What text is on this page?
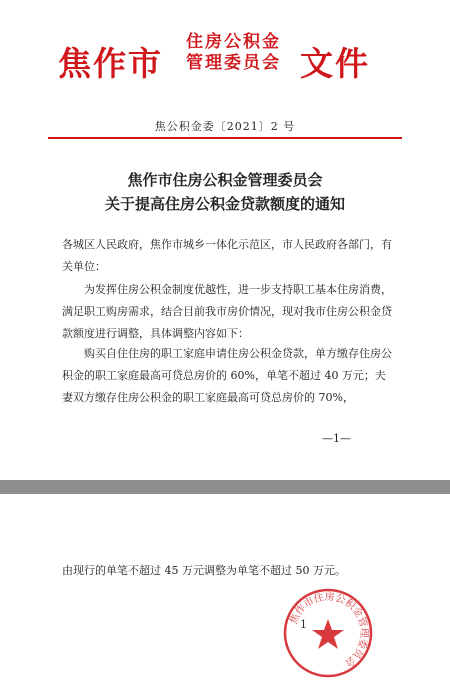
焦作市
住房公积金
管理委员会 文件
焦公积金委〔2021〕2 号
焦作市住房公积金管理委员会
关于提高住房公积金贷款额度的通知
各城区人民政府，焦作市城乡一体化示范区，市人民政府各部门，有关单位：
为发挥住房公积金制度优越性，进一步支持职工基本住房消费，满足职工购房需求，结合目前我市房价情况，现对我市住房公积金贷款额度进行调整，具体调整内容如下：
购买自住住房的职工家庭申请住房公积金贷款，单方缴存住房公积金的职工家庭最高可贷总房价的 60%，单笔不超过 40 万元；夫妻双方缴存住房公积金的职工家庭最高可贷总房价的 70%，
—1—
由现行的单笔不超过 45 万元调整为单笔不超过 50 万元。
1
焦作市住房公积金管理委员会
